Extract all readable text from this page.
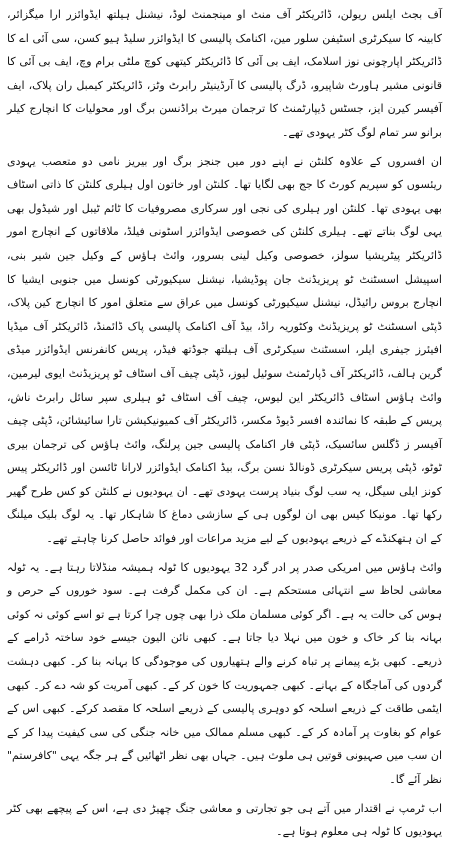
آف بجٹ ایلس ریولن، ڈائریکٹر آف منٹ او مینجمنٹ لوڈ، نیشنل ہیلتھ ایڈوائزر ارا میگزائر، کابینہ کا سیکرٹری اسٹیفن سلور مین، اکنامک پالیسی کا ایڈوائزر سلیڈ ہیو کسن، سی آئی اے کا ڈائریکٹر اپارچونی نوز اسلامک، ایف بی آئی کا ڈائریکٹر کیتھی کوچ ملٹی برام وچ، ایف بی آئی کا قانونی مشیر ہاورٹ شاپیرو، ڈرگ پالیسی کا آرڈینیٹر رابرٹ وٹز، ڈائریکٹر کیمبل ران پلاک، ایف آفیسر کیرن ایز، جسٹس ڈیپارٹمنٹ کا ترجمان میرٹ براڈنسن برگ اور محولیات کا انچارج کیلر برانو سر تمام لوگ کٹر یہودی تھے۔

ان افسروں کے علاوہ کلنٹن نے اپنے دور میں جنجز برگ اور بیریز نامی دو متعصب یہودی ریئسوں کو سپریم کورٹ کا جج بھی لگایا تھا۔ کلنٹن اور خاتون اول ہیلری کلنٹن کا ذاتی اسٹاف بھی یہودی تھا۔ کلنٹن اور ہیلری کی نجی اور سرکاری مصروفیات کا ٹائم ٹیبل اور شیڈول بھی یہی لوگ بناتے تھے۔ ہیلری کلنٹن کی خصوصی ایڈوائزر اسٹونی فیلڈ، ملاقاتوں کے انچارج امور ڈائریکٹر پیٹریشیا سولز، خصوصی وکیل لینی بسرور، وائٹ ہاؤس کے وکیل جین شیر بنی، اسپیشل اسسٹنٹ ٹو پریزیڈنٹ جان پوڈیشیا، نیشنل سیکیورٹی کونسل میں جنوبی ایشیا کا انچارج بروس رائیڈل، نیشنل سیکیورٹی کونسل میں عراق سے متعلق امور کا انچارج کین پلاک، ڈپٹی اسسٹنٹ ٹو پریزیڈنٹ وکٹوریہ راڈ، بیڈ آف اکنامک پالیسی پاک ڈائمنڈ، ڈائریکٹر آف میڈیا افیئرز جیفری ایلر، اسسٹنٹ سیکرٹری آف ہیلتھ جوڈتھ فیڈر، پریس کانفرنس ایڈوائزر میڈی گرین ہالف، ڈائریکٹر آف ڈپارٹمنٹ سوئیل لیوز، ڈپٹی چیف آف اسٹاف ٹو پریزیڈنٹ ایوی لیرمین، وائٹ ہاؤس اسٹاف ڈائریکٹر این لیوس، چیف آف اسٹاف ٹو ہیلری سپر سائل رابرٹ ناش، پریس کے طبقہ کا نمائندہ افسر ڈیوڈ مکسر، ڈائریکٹر آف کمیونیکیشن تارا سائیشائن، ڈپٹی چیف آفیسر ز ڈگلس سائسیک، ڈپٹی فار اکنامک پالیسی جین پرلنگ، وائٹ ہاؤس کی ترجمان بیری ٹوٹو، ڈپٹی پریس سیکرٹری ڈونالڈ نسن برگ، بیڈ اکنامک ایڈوائزر لارانا ٹائسن اور ڈائریکٹر پیس کونز ایلی سیگل، یہ سب لوگ بنیاد پرست یہودی تھے۔ ان یہودیوں نے کلنٹن کو کس طرح گھیر رکھا تھا۔ مونیکا کیس بھی ان لوگوں ہی کے سازشی دماغ کا شاہکار تھا۔ یہ لوگ بلیک میلنگ کے ان ہتھکنڈے کے ذریعے یہودیوں کے لیے مزید مراعات اور فوائد حاصل کرنا چاہتے تھے۔

وائٹ ہاؤس میں امریکی صدر پر ادر گرد 32 یہودیوں کا ٹولہ ہمیشہ منڈلاتا رہتا ہے۔ یہ ٹولہ معاشی لحاظ سے انتہائی مستحکم ہے۔ ان کی مکمل گرفت ہے۔ سود خوروں کے حرص و ہوس کی حالت یہ ہے۔ اگر کوئی مسلمان ملک ذرا بھی چوں چرا کرتا ہے تو اسے کوئی نہ کوئی بہانہ بنا کر خاک و خون میں نہلا دیا جاتا ہے۔ کبھی نائن الیون جیسے خود ساختہ ڈرامے کے ذریعے۔ کبھی بڑے پیمانے پر تباہ کرنے والے ہتھیاروں کی موجودگی کا بہانہ بنا کر۔ کبھی دہشت گردوں کی آماجگاہ کے بہانے۔ کبھی جمہوریت کا خون کر کے۔ کبھی آمریت کو شہ دے کر۔ کبھی ایٹمی طاقت کے ذریعے اسلحہ کو دوہری پالیسی کے ذریعے اسلحہ کا مقصد کرکے۔ کبھی اس کے عوام کو بغاوت پر آمادہ کر کے۔ کبھی مسلم ممالک میں خانہ جنگی کی سی کیفیت پیدا کر کے ان سب میں صہیونی قوتیں ہی ملوث ہیں۔ جہاں بھی نظر اٹھائیں گے ہر جگہ یہی "کافرستم" نظر آئے گا۔

اب ٹرمپ نے اقتدار میں آتے ہی جو تجارتی و معاشی جنگ چھیڑ دی ہے، اس کے پیچھے بھی کٹر یہودیوں کا ٹولہ ہی معلوم ہوتا ہے۔
